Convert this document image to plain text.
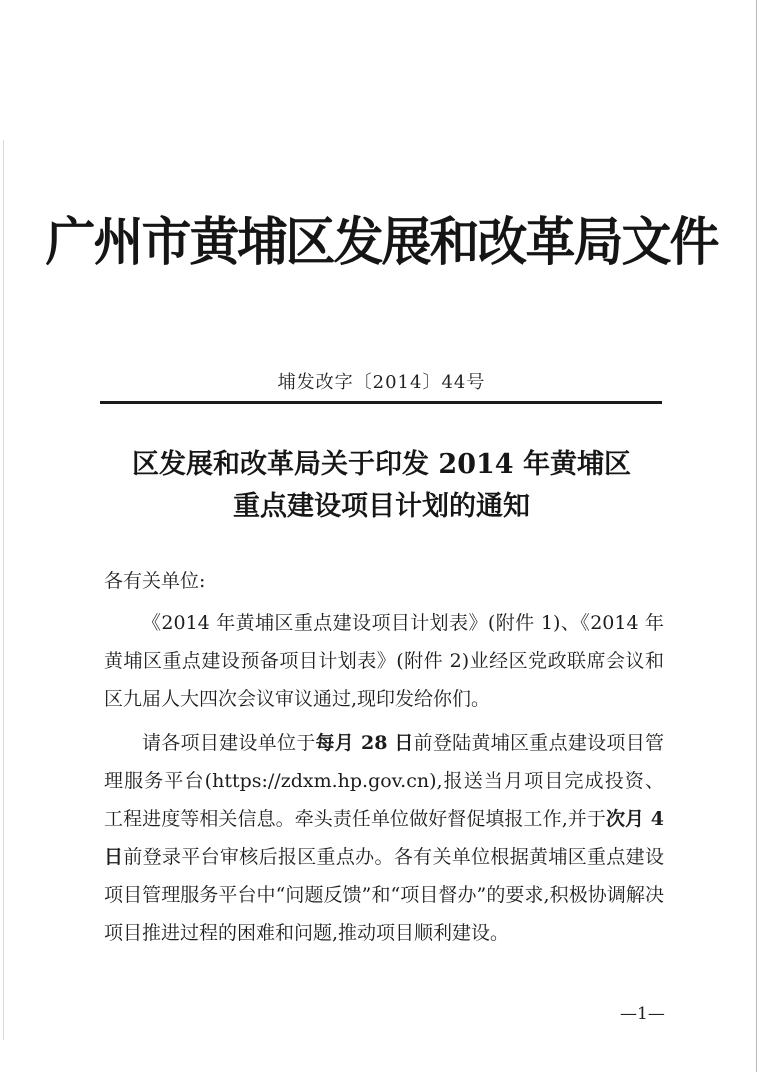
广州市黄埔区发展和改革局文件
埔发改字〔2014〕44号
区发展和改革局关于印发 2014 年黄埔区
重点建设项目计划的通知
各有关单位:
《2014 年黄埔区重点建设项目计划表》(附件 1)、《2014 年黄埔区重点建设预备项目计划表》(附件 2)业经区党政联席会议和区九届人大四次会议审议通过,现印发给你们。
请各项目建设单位于每月 28 日前登陆黄埔区重点建设项目管理服务平台(https://zdxm.hp.gov.cn),报送当月项目完成投资、工程进度等相关信息。牵头责任单位做好督促填报工作,并于次月 4 日前登录平台审核后报区重点办。各有关单位根据黄埔区重点建设项目管理服务平台中“问题反馈”和“项目督办”的要求,积极协调解决项目推进过程的困难和问题,推动项目顺利建设。
—1—
